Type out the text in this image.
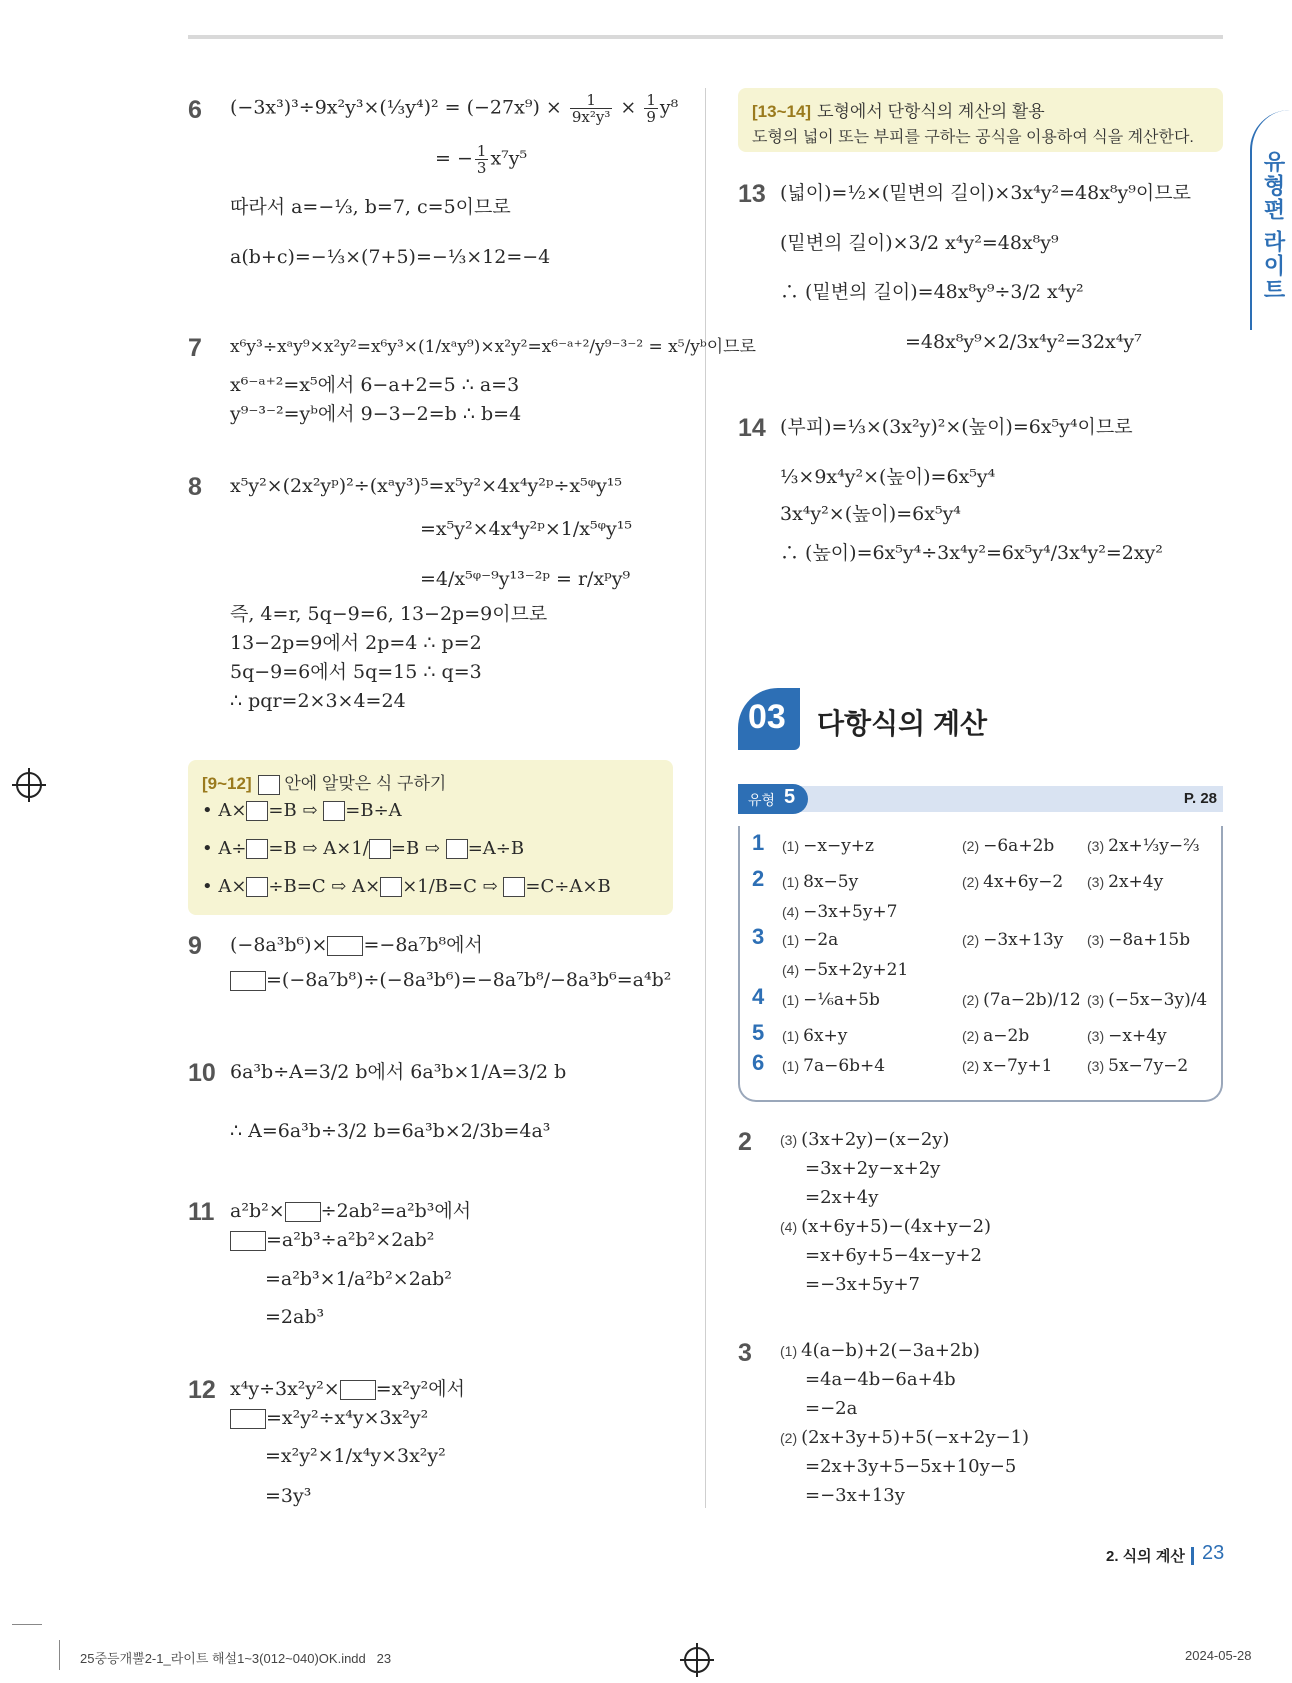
유형편 라이트
6 (−3x³)³÷9x²y³×(⅓y⁴)² = $(-27x^9) \times \frac{1}{\text{9x²y³}} \times \frac{1}{9} y^8$
= − $\frac{1}{3} x^7y^5$
따라서 a=−⅓, b=7, c=5이므로
a(b+c)=−⅓×(7+5)=−⅓×12=−4
7 x⁶y³÷xᵃy⁹×x²y²=x⁶y³×(1/xᵃy⁹)×x²y²=x⁶⁻ᵃ⁺²/y⁹⁻³⁻² = x⁵/yᵇ이므로
x⁶⁻ᵃ⁺²=x⁵에서 6−a+2=5 ∴ a=3
y⁹⁻³⁻²=yᵇ에서 9−3−2=b ∴ b=4
8 x⁵y²×(2x²yᵖ)²÷(xᵃy³)⁵=x⁵y²×4x⁴y²ᵖ÷x⁵ᵠy¹⁵
=x⁵y²×4x⁴y²ᵖ×1/x⁵ᵠy¹⁵
=4/x⁵ᵠ⁻⁹y¹³⁻²ᵖ = r/xᵖy⁹
즉, 4=r, 5q−9=6, 13−2p=9이므로
13−2p=9에서 2p=4 ∴ p=2
5q−9=6에서 5q=15 ∴ q=3
∴ pqr=2×3×4=24
[9~12] 안에 알맞은 식 구하기
• A× =B ⇨ =B÷A
• A÷ =B ⇨ A×1/ =B ⇨ =A÷B
• A× ÷B=C ⇨ A× ×1/B=C ⇨ =C÷A×B
9 (−8a³b⁶)× =−8a⁷b⁸에서
=(−8a⁷b⁸)÷(−8a³b⁶)=−8a⁷b⁸/−8a³b⁶=a⁴b²
10 6a³b÷A=3/2 b에서 6a³b×1/A=3/2 b
∴ A=6a³b÷3/2 b=6a³b×2/3b=4a³
11 a²b²× ÷2ab²=a²b³에서
=a²b³÷a²b²×2ab²
=a²b³×1/a²b²×2ab²
=2ab³
12 x⁴y÷3x²y²× =x²y²에서
=x²y²÷x⁴y×3x²y²
=x²y²×1/x⁴y×3x²y²
=3y³
[13~14] 도형에서 단항식의 계산의 활용
도형의 넓이 또는 부피를 구하는 공식을 이용하여 식을 계산한다.
13 (넓이)=½×(밑변의 길이)×3x⁴y²=48x⁸y⁹이므로
(밑변의 길이)×3/2 x⁴y²=48x⁸y⁹
∴ (밑변의 길이)=48x⁸y⁹÷3/2 x⁴y²
=48x⁸y⁹×2/3x⁴y²=32x⁴y⁷
14 (부피)=⅓×(3x²y)²×(높이)=6x⁵y⁴이므로
⅓×9x⁴y²×(높이)=6x⁵y⁴
3x⁴y²×(높이)=6x⁵y⁴
∴ (높이)=6x⁵y⁴÷3x⁴y²=6x⁵y⁴/3x⁴y²=2xy²
03 다항식의 계산
유형 5	P. 28
1 (1) −x−y+z	(2) −6a+2b (3) 2x+⅓y−⅔
2 (1) 8x−5y	(2) 4x+6y−2 (3) 2x+4y
(4) −3x+5y+7
3 (1) −2a	(2) −3x+13y (3) −8a+15b
(4) −5x+2y+21
4 (1) −⅙a+5b	(2) (7a−2b)/12 (3) (−5x−3y)/4
5 (1) 6x+y	(2) a−2b	(3) −x+4y
6 (1) 7a−6b+4	(2) x−7y+1 (3) 5x−7y−2
2 (3) (3x+2y)−(x−2y)
=3x+2y−x+2y
=2x+4y
(4) (x+6y+5)−(4x+y−2)
=x+6y+5−4x−y+2
=−3x+5y+7
3 (1) 4(a−b)+2(−3a+2b)
=4a−4b−6a+4b
=−2a
(2) (2x+3y+5)+5(−x+2y−1)
=2x+3y+5−5x+10y−5
=−3x+13y
2. 식의 계산 23
25중등개뿔2-1_라이트 해설1~3(012~040)OK.indd   23	2024-05-28
